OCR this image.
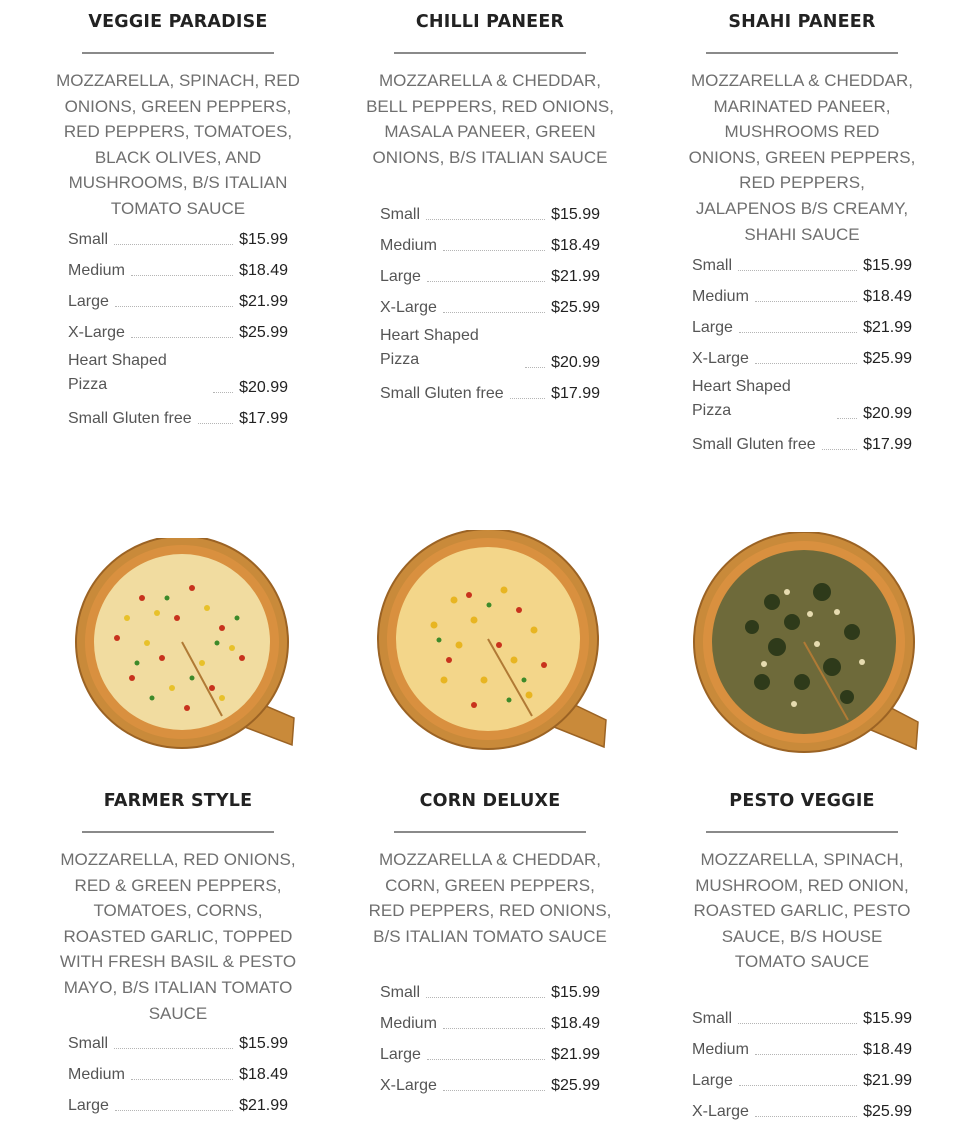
VEGGIE PARADISE
MOZZARELLA, SPINACH, RED ONIONS, GREEN PEPPERS, RED PEPPERS, TOMATOES, BLACK OLIVES, AND MUSHROOMS, B/S ITALIAN TOMATO SAUCE
Small	$15.99
Medium	$18.49
Large	$21.99
X-Large	$25.99
Heart Shaped Pizza	$20.99
Small Gluten free	$17.99
CHILLI PANEER
MOZZARELLA & CHEDDAR, BELL PEPPERS, RED ONIONS, MASALA PANEER, GREEN ONIONS, B/S ITALIAN SAUCE
Small	$15.99
Medium	$18.49
Large	$21.99
X-Large	$25.99
Heart Shaped Pizza	$20.99
Small Gluten free	$17.99
SHAHI PANEER
MOZZARELLA & CHEDDAR, MARINATED PANEER, MUSHROOMS RED ONIONS, GREEN PEPPERS, RED PEPPERS, JALAPENOS B/S CREAMY, SHAHI SAUCE
Small	$15.99
Medium	$18.49
Large	$21.99
X-Large	$25.99
Heart Shaped Pizza	$20.99
Small Gluten free	$17.99
FARMER STYLE
MOZZARELLA, RED ONIONS, RED & GREEN PEPPERS, TOMATOES, CORNS, ROASTED GARLIC, TOPPED WITH FRESH BASIL & PESTO MAYO, B/S ITALIAN TOMATO SAUCE
Small	$15.99
Medium	$18.49
Large	$21.99
CORN DELUXE
MOZZARELLA & CHEDDAR, CORN, GREEN PEPPERS, RED PEPPERS, RED ONIONS, B/S ITALIAN TOMATO SAUCE
Small	$15.99
Medium	$18.49
Large	$21.99
X-Large	$25.99
PESTO VEGGIE
MOZZARELLA, SPINACH, MUSHROOM, RED ONION, ROASTED GARLIC, PESTO SAUCE, B/S HOUSE TOMATO SAUCE
Small	$15.99
Medium	$18.49
Large	$21.99
X-Large	$25.99
